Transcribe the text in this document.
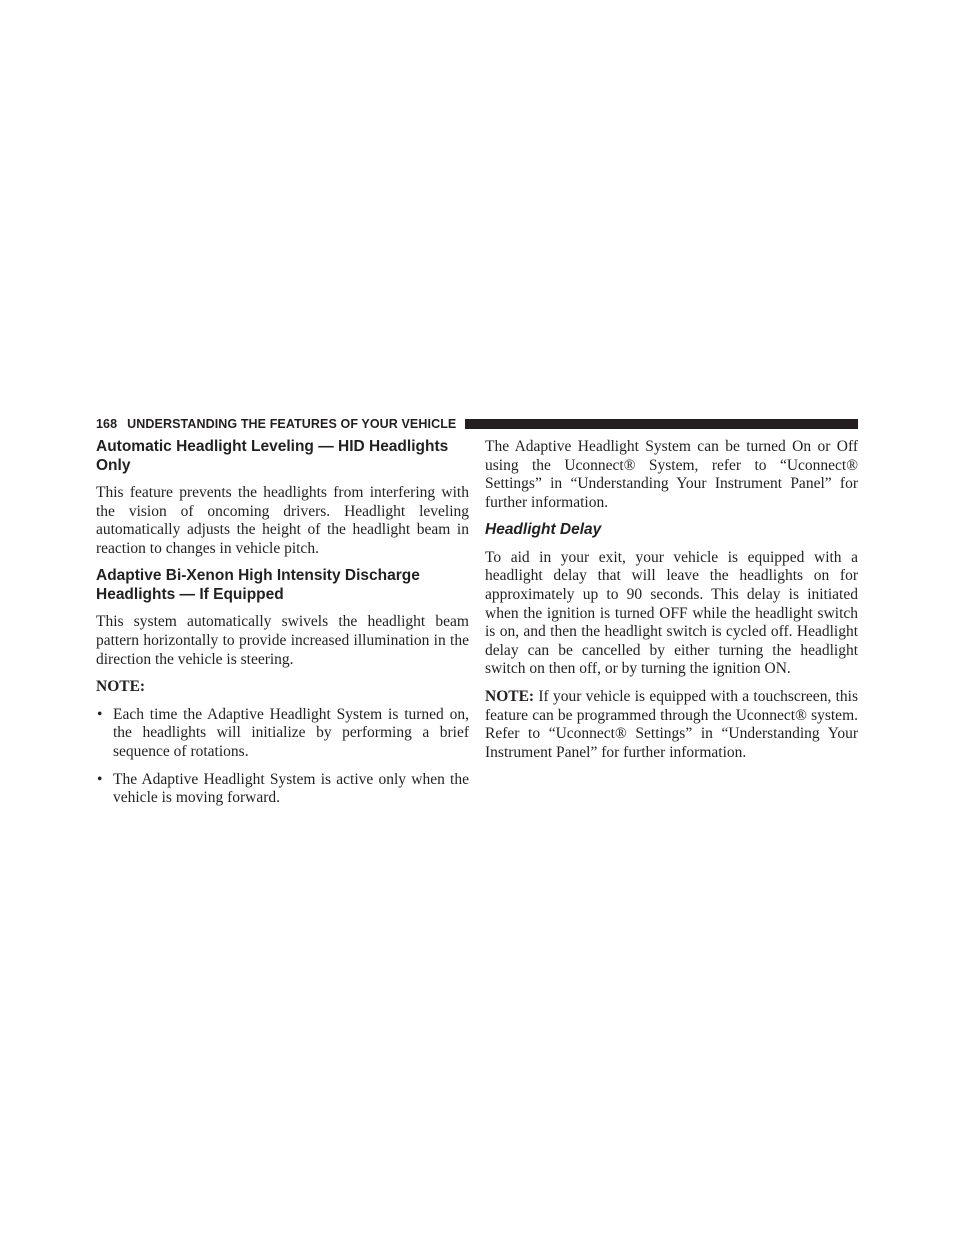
168 UNDERSTANDING THE FEATURES OF YOUR VEHICLE
Automatic Headlight Leveling — HID Headlights Only

This feature prevents the headlights from interfering with the vision of oncoming drivers. Headlight leveling automatically adjusts the height of the headlight beam in reaction to changes in vehicle pitch.

Adaptive Bi-Xenon High Intensity Discharge Headlights — If Equipped

This system automatically swivels the headlight beam pattern horizontally to provide increased illumination in the direction the vehicle is steering.

NOTE:
• Each time the Adaptive Headlight System is turned on, the headlights will initialize by performing a brief sequence of rotations.
• The Adaptive Headlight System is active only when the vehicle is moving forward.

The Adaptive Headlight System can be turned On or Off using the Uconnect® System, refer to “Uconnect® Settings” in “Understanding Your Instrument Panel” for further information.

Headlight Delay

To aid in your exit, your vehicle is equipped with a headlight delay that will leave the headlights on for approximately up to 90 seconds. This delay is initiated when the ignition is turned OFF while the headlight switch is on, and then the headlight switch is cycled off. Headlight delay can be cancelled by either turning the headlight switch on then off, or by turning the ignition ON.

NOTE: If your vehicle is equipped with a touchscreen, this feature can be programmed through the Uconnect® system. Refer to “Uconnect® Settings” in “Understanding Your Instrument Panel” for further information.
